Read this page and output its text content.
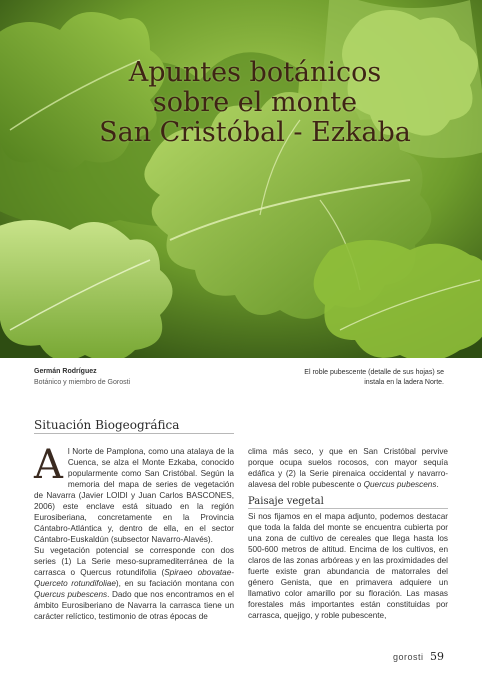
Apuntes botánicos
sobre el monte
San Cristóbal - Ezkaba
Germán Rodríguez
Botánico y miembro de Gorosti
El roble pubescente (detalle de sus hojas) se instala en la ladera Norte.
Situación Biogeográfica
A l Norte de Pamplona, como una atalaya de la Cuenca, se alza el Monte Ezkaba, conocido popularmente como San Cristóbal. Según la memoria del mapa de series de vegetación de Navarra (Javier LOIDI y Juan Carlos BASCONES, 2006) este enclave está situado en la región Eurosiberiana, concretamente en la Provincia Cántabro-Atlántica y, dentro de ella, en el sector Cántabro-Euskaldún (subsector Navarro-Alavés).

Su vegetación potencial se corresponde con dos series (1) La Serie meso-supramediterránea de la carrasca o Quercus rotundifolia (Spiraeo obovatae-Querceto rotundifoliae), en su faciación montana con Quercus pubescens. Dado que nos encontramos en el ámbito Eurosiberiano de Navarra la carrasca tiene un carácter relíctico, testimonio de otras épocas de

clima más seco, y que en San Cristóbal pervive porque ocupa suelos rocosos, con mayor sequía edáfica y (2) la Serie pirenaica occidental y navarro-alavesa del roble pubescente o Quercus pubescens.

Paisaje vegetal

Si nos fijamos en el mapa adjunto, podemos destacar que toda la falda del monte se encuentra cubierta por una zona de cultivo de cereales que llega hasta los 500-600 metros de altitud. Encima de los cultivos, en claros de las zonas arbóreas y en las proximidades del fuerte existe gran abundancia de matorrales del género Genista, que en primavera adquiere un llamativo color amarillo por su floración. Las masas forestales más importantes están constituidas por carrasca, quejigo, y roble pubescente,

gorosti 59
